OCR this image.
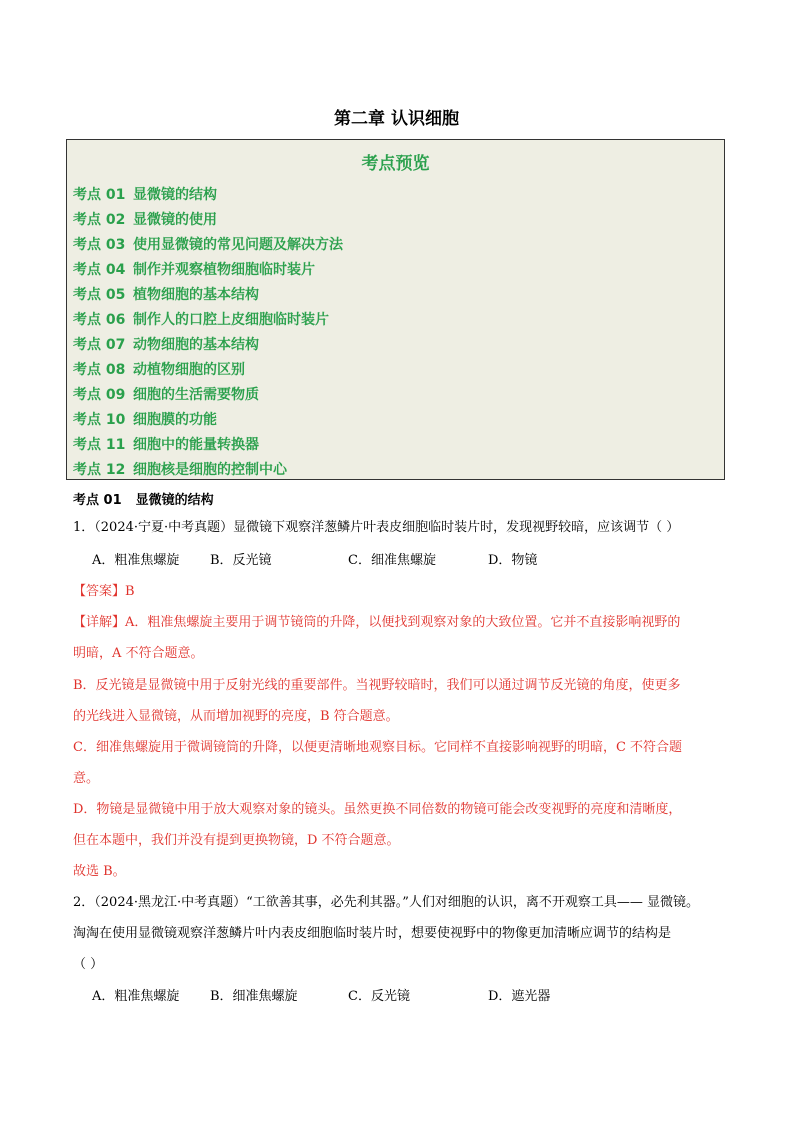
第二章 认识细胞
考点预览
考点 01 显微镜的结构
考点 02 显微镜的使用
考点 03 使用显微镜的常见问题及解决方法
考点 04 制作并观察植物细胞临时装片
考点 05 植物细胞的基本结构
考点 06 制作人的口腔上皮细胞临时装片
考点 07 动物细胞的基本结构
考点 08 动植物细胞的区别
考点 09 细胞的生活需要物质
考点 10 细胞膜的功能
考点 11 细胞中的能量转换器
考点 12 细胞核是细胞的控制中心
考点 01 显微镜的结构
1．（2024·宁夏·中考真题）显微镜下观察洋葱鳞片叶表皮细胞临时装片时，发现视野较暗，应该调节（ ）
A．粗准焦螺旋 B．反光镜	C．细准焦螺旋	D．物镜
【答案】B
【详解】A．粗准焦螺旋主要用于调节镜筒的升降，以便找到观察对象的大致位置。它并不直接影响视野的
明暗，A 不符合题意。
B．反光镜是显微镜中用于反射光线的重要部件。当视野较暗时，我们可以通过调节反光镜的角度，使更多
的光线进入显微镜，从而增加视野的亮度，B 符合题意。
C．细准焦螺旋用于微调镜筒的升降，以便更清晰地观察目标。它同样不直接影响视野的明暗，C 不符合题
意。
D．物镜是显微镜中用于放大观察对象的镜头。虽然更换不同倍数的物镜可能会改变视野的亮度和清晰度，
但在本题中，我们并没有提到更换物镜，D 不符合题意。
故选 B。
2．（2024·黑龙江·中考真题）“工欲善其事，必先利其器。”人们对细胞的认识，离不开观察工具—— 显微镜。
淘淘在使用显微镜观察洋葱鳞片叶内表皮细胞临时装片时，想要使视野中的物像更加清晰应调节的结构是
（ ）
A．粗准焦螺旋 B．细准焦螺旋	C．反光镜	D．遮光器
